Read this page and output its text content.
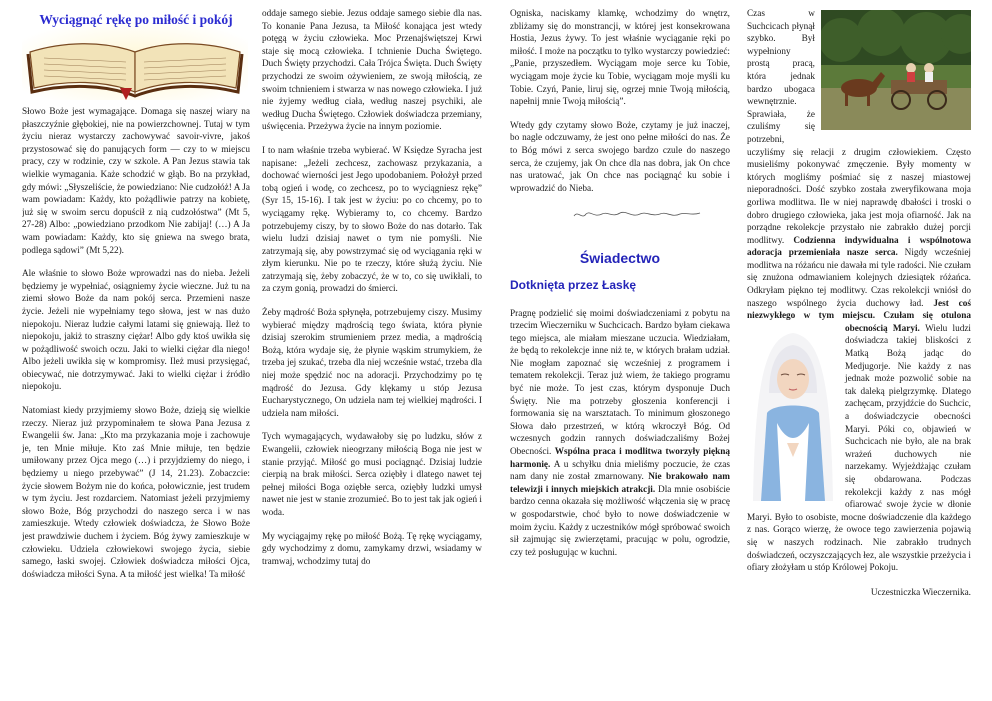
Wyciągnąć rękę po miłość i pokój

Słowo Boże jest wymagające. Domaga się naszej wiary na płaszczyźnie głębokiej, nie na powierzchownej. Tutaj w tym życiu nieraz wystarczy zachowywać savoir-vivre, jakoś przystosować się do panujących form — czy to w miejscu pracy, czy w rodzinie, czy w szkole. A Pan Jezus stawia tak wielkie wymagania. Każe schodzić w głąb. Bo na przykład, gdy mówi: „Słyszeliście, że powiedziano: Nie cudzołóż! A Ja wam powiadam: Każdy, kto pożądliwie patrzy na kobietę, już się w swoim sercu dopuścił z nią cudzołóstwa” (Mt 5, 27-28) Albo: „powiedziano przodkom Nie zabijaj! (…) A Ja wam powiadam: Każdy, kto się gniewa na swego brata, podlega sądowi” (Mt 5,22).

Ale właśnie to słowo Boże wprowadzi nas do nieba. Jeżeli będziemy je wypełniać, osiągniemy życie wieczne. Już tu na ziemi słowo Boże da nam pokój serca. Przemieni nasze życie. Jeżeli nie wypełniamy tego słowa, jest w nas dużo niepokoju. Nieraz ludzie całymi latami się gniewają. Ileż to niepokoju, jakiż to straszny ciężar! Albo gdy ktoś uwikła się w pożądliwość swoich oczu. Jaki to wielki ciężar dla niego! Albo jeżeli uwikła się w kompromisy. Ileż musi przysięgać, obiecywać, nie dotrzymywać. Jaki to wielki ciężar i źródło niepokoju.

Natomiast kiedy przyjmiemy słowo Boże, dzieją się wielkie rzeczy. Nieraz już przypominałem te słowa Pana Jezusa z Ewangelii św. Jana: „Kto ma przykazania moje i zachowuje je, ten Mnie miłuje. Kto zaś Mnie miłuje, ten będzie umiłowany przez Ojca mego (…) i przyjdziemy do niego, i będziemy u niego przebywać” (J 14, 21.23). Zobaczcie: życie słowem Bożym nie do końca, połowicznie, jest trudem w tym życiu. Jest rozdarciem. Natomiast jeżeli przyjmiemy słowo Boże, Bóg przychodzi do naszego serca i w nas zamieszkuje. Wtedy człowiek doświadcza, że Słowo Boże jest prawdziwie duchem i życiem. Bóg żywy zamieszkuje w człowieku. Udziela człowiekowi swojego życia, siebie samego, łaski swojej. Człowiek doświadcza miłości Ojca, doświadcza miłości Syna. A ta miłość jest wielka! Ta miłość

oddaje samego siebie. Jezus oddaje samego siebie dla nas. To konanie Pana Jezusa, ta Miłość konająca jest wtedy potęgą w życiu człowieka. Moc Przenajświętszej Krwi staje się mocą człowieka. I tchnienie Ducha Świętego. Duch Święty przychodzi. Cała Trójca Święta. Duch Święty przychodzi ze swoim ożywieniem, ze swoją miłością, ze swoim tchnieniem i stwarza w nas nowego człowieka. I już nie żyjemy według ciała, według naszej psychiki, ale według Ducha Świętego. Człowiek doświadcza przemiany, uświęcenia. Przeżywa życie na innym poziomie.

I to nam właśnie trzeba wybierać. W Księdze Syracha jest napisane: „Jeżeli zechcesz, zachowasz przykazania, a dochować wierności jest Jego upodobaniem. Położył przed tobą ogień i wodę, co zechcesz, po to wyciągniesz rękę” (Syr 15, 15-16). I tak jest w życiu: po co chcemy, po to wyciągamy rękę. Wybieramy to, co chcemy. Bardzo potrzebujemy ciszy, by to słowo Boże do nas dotarło. Tak wielu ludzi dzisiaj nawet o tym nie pomyśli. Nie zatrzymają się, aby powstrzymać się od wyciągania ręki w złym kierunku. Nie po te rzeczy, które służą życiu. Nie zatrzymają się, żeby zobaczyć, że w to, co się uwikłali, to za czym gonią, prowadzi do śmierci.

Żeby mądrość Boża spłynęła, potrzebujemy ciszy. Musimy wybierać między mądrością tego świata, która płynie dzisiaj szerokim strumieniem przez media, a mądrością Bożą, która wydaje się, że płynie wąskim strumykiem, że trzeba jej szukać, trzeba dla niej wcześnie wstać, trzeba dla niej może spędzić noc na adoracji. Przychodzimy po tę mądrość do Jezusa. Gdy klękamy u stóp Jezusa Eucharystycznego, On udziela nam tej wielkiej mądrości. I udziela nam miłości.

Tych wymagających, wydawałoby się po ludzku, słów z Ewangelii, człowiek nieogrzany miłością Boga nie jest w stanie przyjąć. Miłość go musi pociągnąć. Dzisiaj ludzie cierpią na brak miłości. Serca oziębły i dlatego nawet tej pełnej miłości Boga oziębłe serca, oziębły ludzki umysł nawet nie jest w stanie zrozumieć. Bo to jest tak jak ogień i woda.

My wyciągajmy rękę po miłość Bożą. Tę rękę wyciągamy, gdy wychodzimy z domu, zamykamy drzwi, wsiadamy w tramwaj, wchodzimy tutaj do

Ogniska, naciskamy klamkę, wchodzimy do wnętrz, zbliżamy się do monstrancji, w której jest konsekrowana Hostia, Jezus żywy. To jest właśnie wyciąganie ręki po miłość. I może na początku to tylko wystarczy powiedzieć: „Panie, przyszedłem. Wyciągam moje serce ku Tobie, wyciągam moje życie ku Tobie, wyciągam moje myśli ku Tobie. Czyń, Panie, liruj się, ogrzej mnie Twoją miłością, napełnij mnie Twoją miłością”.

Wtedy gdy czytamy słowo Boże, czytamy je już inaczej, bo nagle odczuwamy, że jest ono pełne miłości do nas. Że to Bóg mówi z serca swojego bardzo czule do naszego serca, że czujemy, jak On chce dla nas dobra, jak On chce nas uratować, jak On chce nas pociągnąć ku sobie i wprowadzić do Nieba.

Świadectwo
Dotknięta przez Łaskę

Pragnę podzielić się moimi doświadczeniami z pobytu na trzecim Wieczerniku w Suchcicach. Bardzo byłam ciekawa tego miejsca, ale miałam mieszane uczucia. Wiedziałam, że będą to rekolekcje inne niż te, w których brałam udział. Nie mogłam zapoznać się wcześniej z programem i tematem rekolekcji. Teraz już wiem, że takiego programu być nie może. To jest czas, którym dysponuje Duch Święty. Nie ma potrzeby głoszenia konferencji i formowania się na warsztatach. To minimum głoszonego Słowa dało przestrzeń, w którą wkroczył Bóg. Od wczesnych godzin rannych doświadczaliśmy Bożej Obecności. Wspólna praca i modlitwa tworzyły piękną harmonię. A u schyłku dnia mieliśmy poczucie, że czas nam dany nie został zmarnowany. Nie brakowało nam telewizji i innych miejskich atrakcji. Dla mnie osobiście bardzo cenna okazała się możliwość włączenia się w pracę w gospodarstwie, choć było to nowe doświadczenie w moim życiu. Każdy z uczestników mógł spróbować swoich sił zajmując się zwierzętami, pracując w polu, ogrodzie, czy też posługując w kuchni.

Czas w Suchcicach płynął szybko. Był wypełniony prostą pracą, która jednak bardzo ubogaca wewnętrznie. Sprawiała, że czuliśmy się potrzebni, uczyliśmy się relacji z drugim człowiekiem. Często musieliśmy pokonywać zmęczenie. Były momenty w których mogliśmy pośmiać się z naszej miastowej nieporadności. Dość szybko została zweryfikowana moja gorliwa modlitwa. Ile w niej naprawdę dbałości i troski o dobro drugiego człowieka, jaka jest moja ofiarność. Jak na porządne rekolekcje przystało nie zabrakło dużej porcji modlitwy. Codzienna indywidualna i wspólnotowa adoracja przemieniała nasze serca. Nigdy wcześniej modlitwa na różańcu nie dawała mi tyle radości. Nie czułam się znużona odmawianiem kolejnych dziesiątek różańca. Odkryłam piękno tej modlitwy. Czas rekolekcji wniósł do naszego wspólnego życia duchowy ład. Jest coś niezwykłego w tym miejscu. Czułam się otulona obecnością Maryi. Wielu ludzi doświadcza takiej bliskości z Matką Bożą jadąc do Medjugorje. Nie każdy z nas jednak może pozwolić sobie na tak daleką pielgrzymkę. Dlatego zachęcam, przyjdźcie do Suchcic, a doświadczycie obecności Maryi. Póki co, objawień w Suchcicach nie było, ale na brak wrażeń duchowych nie narzekamy. Wyjeżdżając czułam się obdarowana. Podczas rekolekcji każdy z nas mógł ofiarować swoje życie w dłonie Maryi. Było to osobiste, mocne doświadczenie dla każdego z nas. Gorąco wierzę, że owoce tego zawierzenia pojawią się w naszych rodzinach. Nie zabrakło trudnych doświadczeń, oczyszczających łez, ale wszystkie przeżycia i ofiary złożyłam u stóp Królowej Pokoju.

Uczestniczka Wieczernika.
